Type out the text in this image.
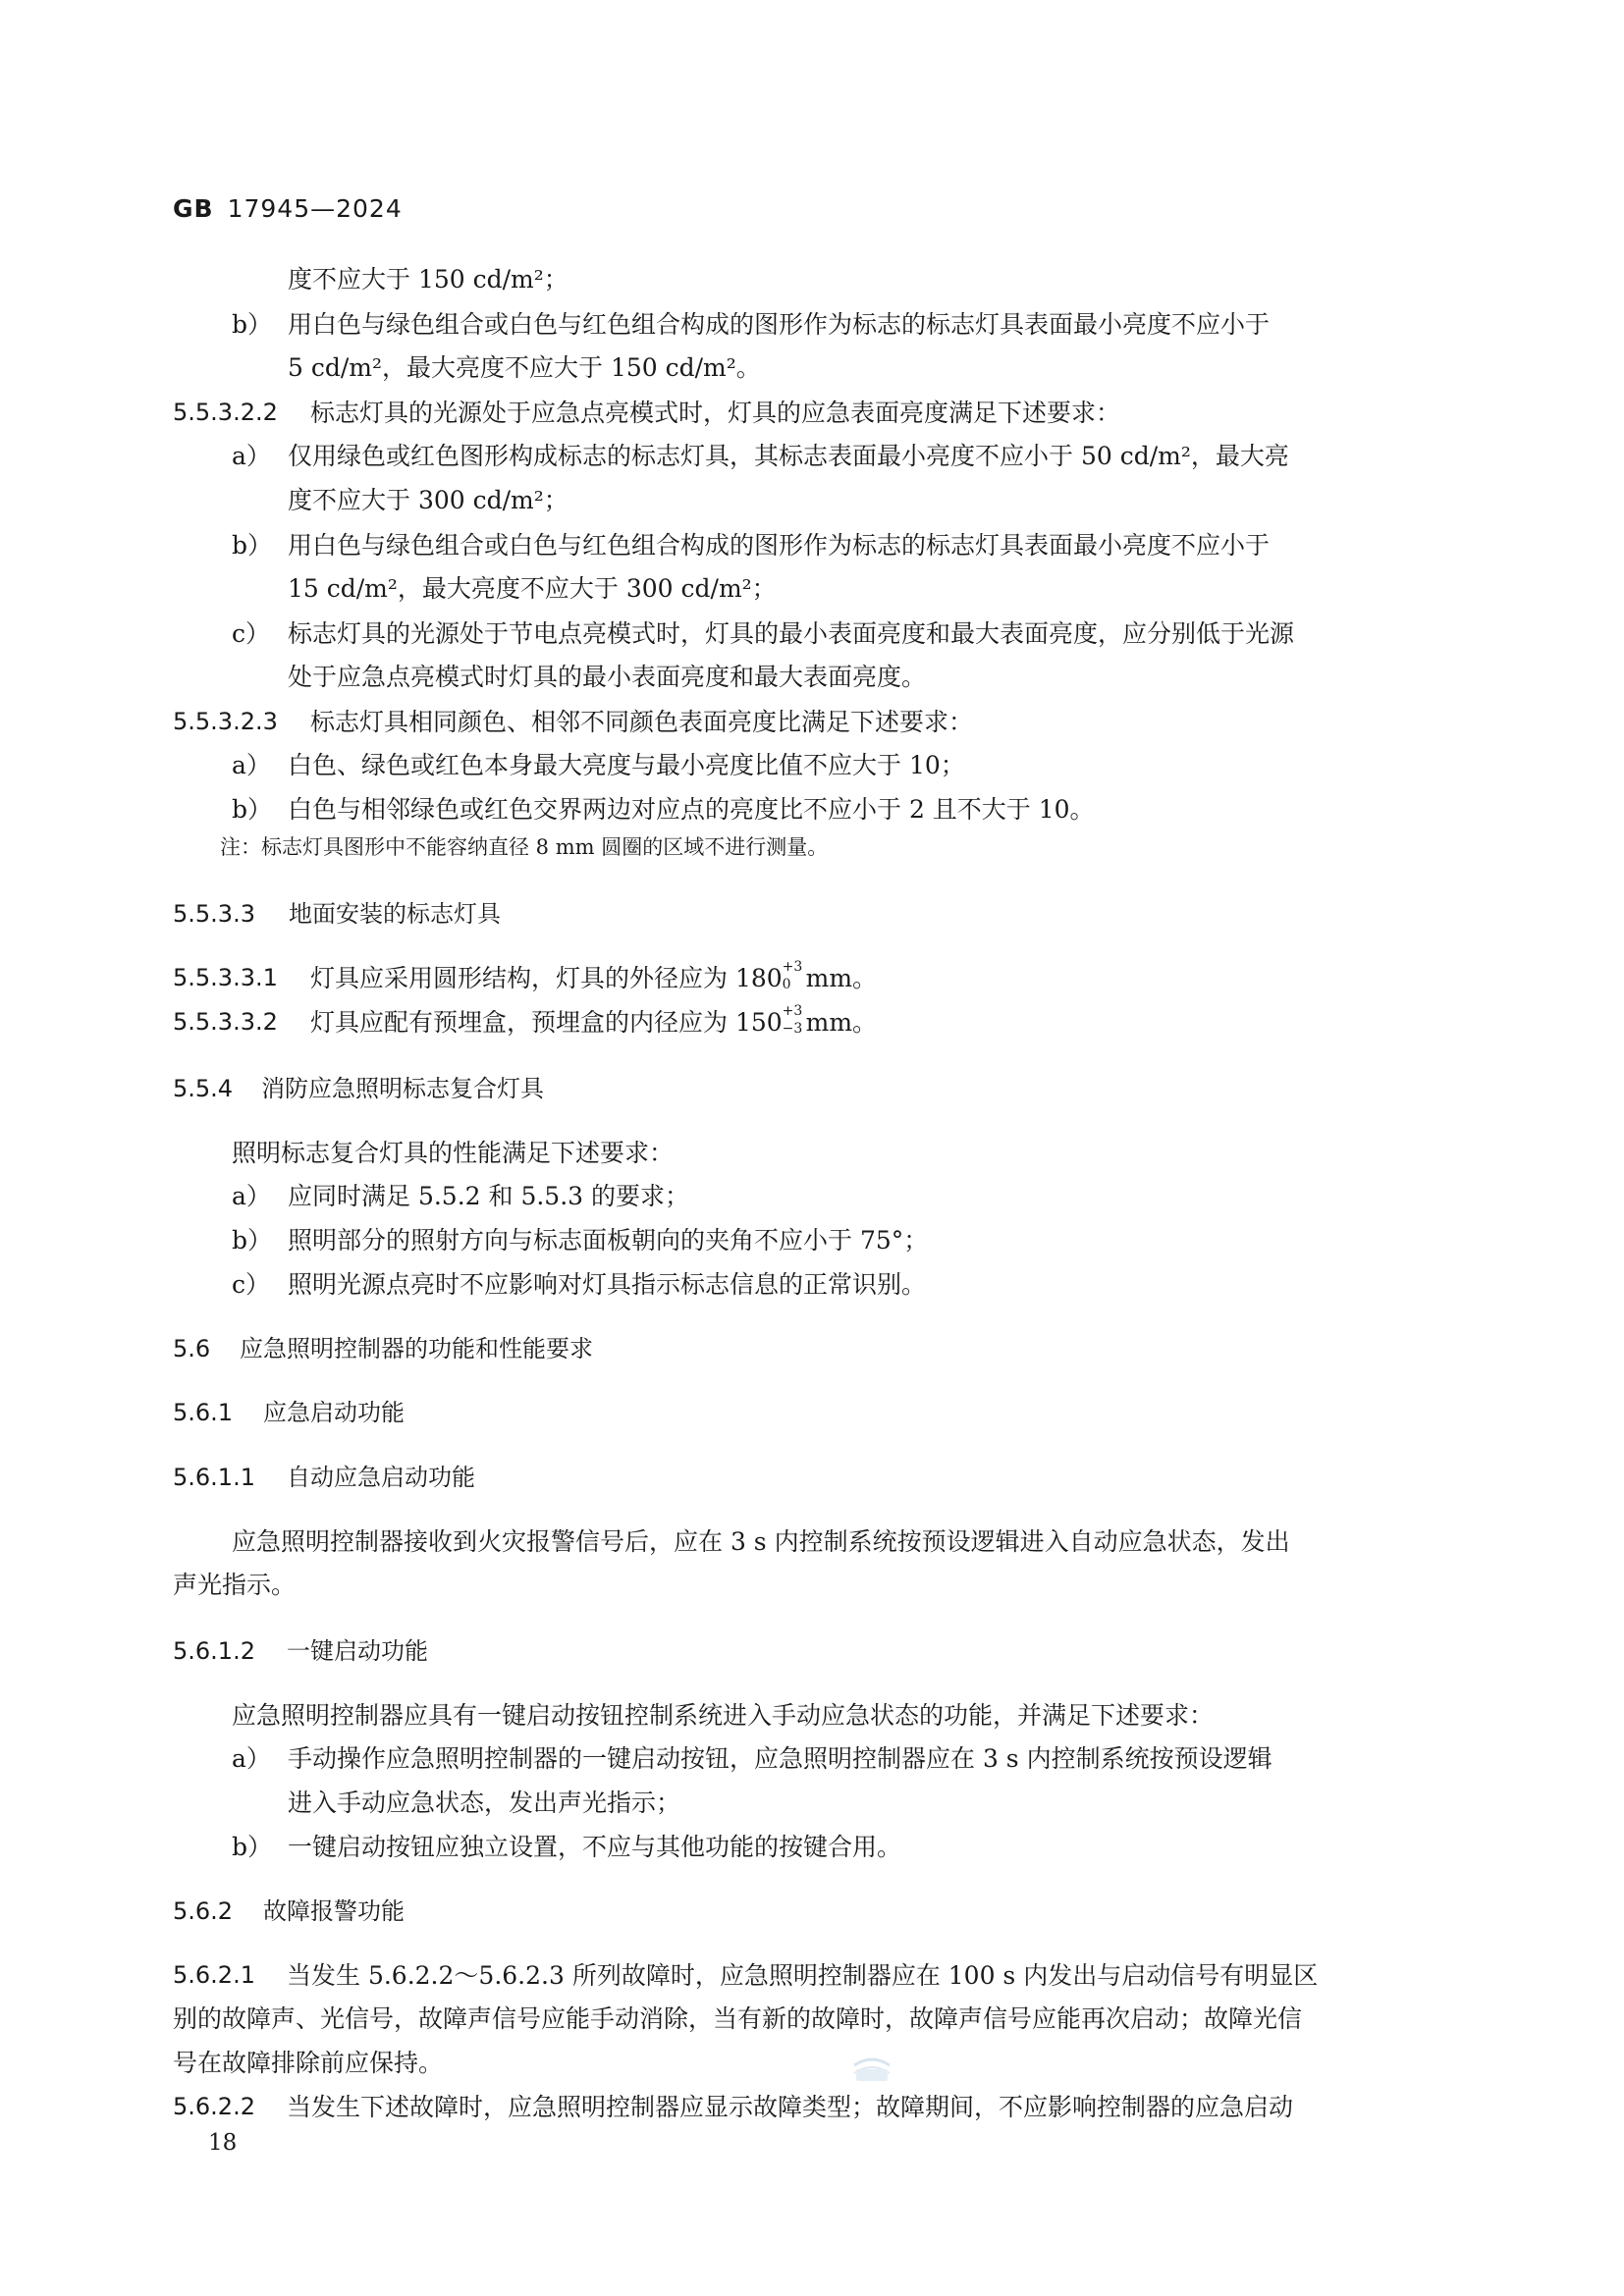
GB 17945—2024
度不应大于 150 cd/m²；
b） 用白色与绿色组合或白色与红色组合构成的图形作为标志的标志灯具表面最小亮度不应小于
5 cd/m²，最大亮度不应大于 150 cd/m²。
5.5.3.2.2 标志灯具的光源处于应急点亮模式时，灯具的应急表面亮度满足下述要求：
a） 仅用绿色或红色图形构成标志的标志灯具，其标志表面最小亮度不应小于 50 cd/m²，最大亮
度不应大于 300 cd/m²；
b） 用白色与绿色组合或白色与红色组合构成的图形作为标志的标志灯具表面最小亮度不应小于
15 cd/m²，最大亮度不应大于 300 cd/m²；
c） 标志灯具的光源处于节电点亮模式时，灯具的最小表面亮度和最大表面亮度，应分别低于光源
处于应急点亮模式时灯具的最小表面亮度和最大表面亮度。
5.5.3.2.3 标志灯具相同颜色、相邻不同颜色表面亮度比满足下述要求：
a） 白色、绿色或红色本身最大亮度与最小亮度比值不应大于 10；
b） 白色与相邻绿色或红色交界两边对应点的亮度比不应小于 2 且不大于 10。
注：标志灯具图形中不能容纳直径 8 mm 圆圈的区域不进行测量。
5.5.3.3 地面安装的标志灯具
5.5.3.3.1 灯具应采用圆形结构，灯具的外径应为 180 +3
0 mm。
5.5.3.3.2 灯具应配有预埋盒，预埋盒的内径应为 150 +3
−3
mm。
5.5.4 消防应急照明标志复合灯具
照明标志复合灯具的性能满足下述要求：
a） 应同时满足 5.5.2 和 5.5.3 的要求；
b） 照明部分的照射方向与标志面板朝向的夹角不应小于 75°；
c） 照明光源点亮时不应影响对灯具指示标志信息的正常识别。
5.6 应急照明控制器的功能和性能要求
5.6.1 应急启动功能
5.6.1.1 自动应急启动功能
应急照明控制器接收到火灾报警信号后，应在 3 s 内控制系统按预设逻辑进入自动应急状态，发出
声光指示。
5.6.1.2 一键启动功能
应急照明控制器应具有一键启动按钮控制系统进入手动应急状态的功能，并满足下述要求：
a） 手动操作应急照明控制器的一键启动按钮，应急照明控制器应在 3 s 内控制系统按预设逻辑
进入手动应急状态，发出声光指示；
b） 一键启动按钮应独立设置，不应与其他功能的按键合用。
5.6.2 故障报警功能
5.6.2.1 当发生 5.6.2.2～5.6.2.3 所列故障时，应急照明控制器应在 100 s 内发出与启动信号有明显区
别的故障声、光信号，故障声信号应能手动消除，当有新的故障时，故障声信号应能再次启动；故障光信
号在故障排除前应保持。
5.6.2.2 当发生下述故障时，应急照明控制器应显示故障类型；故障期间，不应影响控制器的应急启动
18
